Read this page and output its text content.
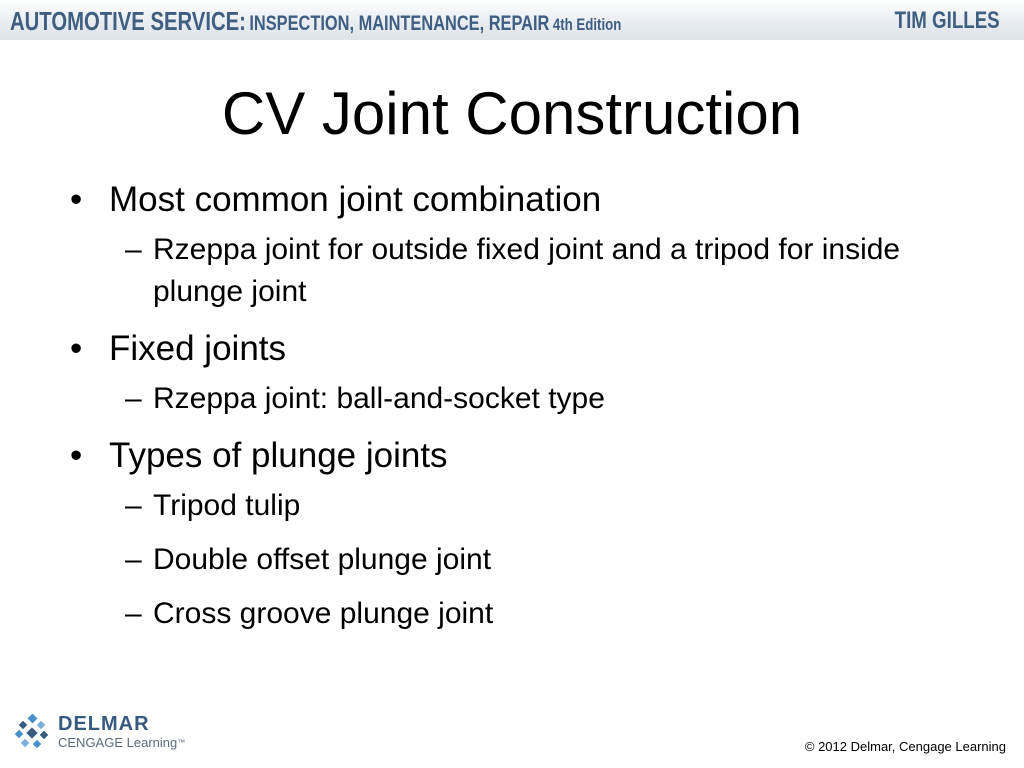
AUTOMOTIVE SERVICE: INSPECTION, MAINTENANCE, REPAIR 4th Edition	TIM GILLES
CV Joint Construction
• Most common joint combination
– Rzeppa joint for outside fixed joint and a tripod for inside plunge joint
• Fixed joints
– Rzeppa joint: ball-and-socket type
• Types of plunge joints
– Tripod tulip
– Double offset plunge joint
– Cross groove plunge joint
DELMAR
CENGAGE Learning™	© 2012 Delmar, Cengage Learning
